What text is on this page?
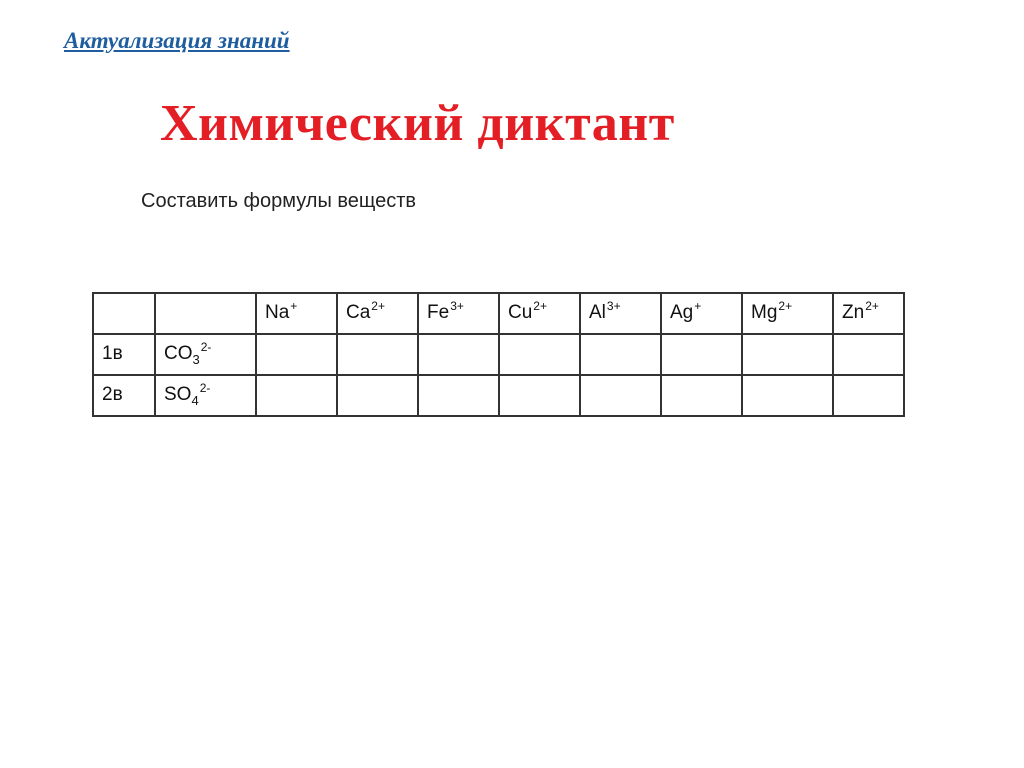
Актуализация знаний
Химический диктант
Составить формулы веществ
		Na+	$Ca^{2+}$	$Fe^{3+}$	$Cu^{2+}$	$Al^{3+}$	Ag+	$Mg^{2+}$	$Zn^{2+}$
1в	$CO_3^{2-}$								
2в	$SO_4^{2-}$								
